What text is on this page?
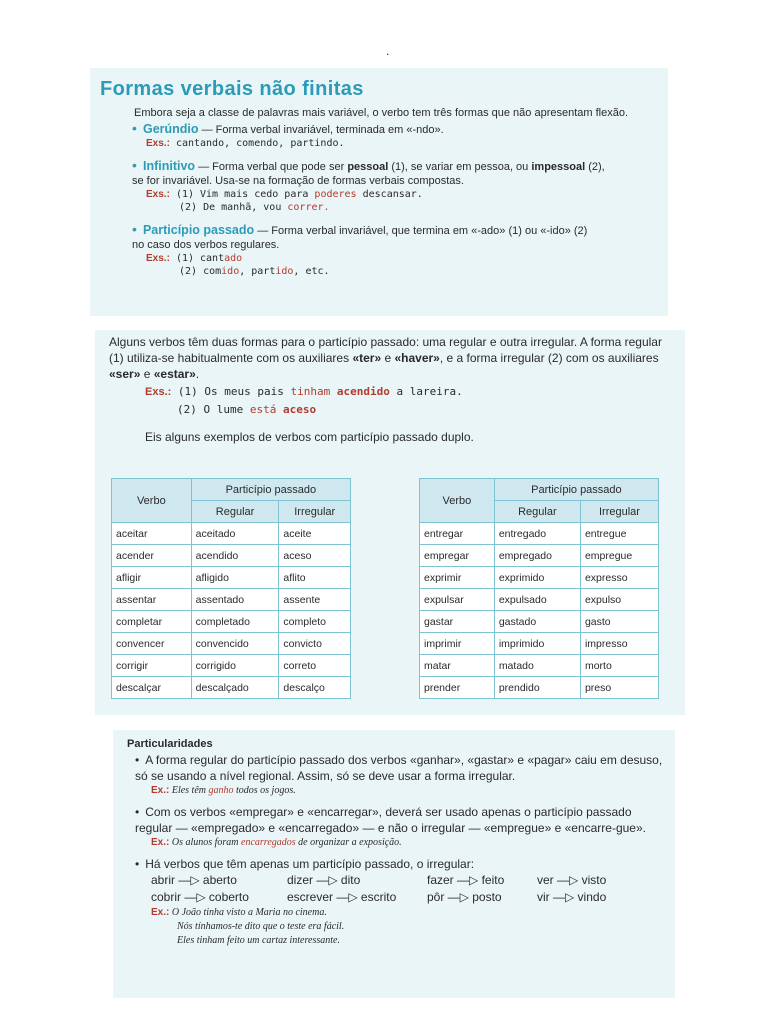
.
Formas verbais não finitas
Embora seja a classe de palavras mais variável, o verbo tem três formas que não apresentam flexão.
• Gerúndio — Forma verbal invariável, terminada em «-ndo».
Exs.: cantando, comendo, partindo.
• Infinitivo — Forma verbal que pode ser pessoal (1), se variar em pessoa, ou impessoal (2),
se for invariável. Usa-se na formação de formas verbais compostas.
Exs.: (1) Vim mais cedo para poderes descansar.
(2) De manhã, vou correr.
• Particípio passado — Forma verbal invariável, que termina em «-ado» (1) ou «-ido» (2)
no caso dos verbos regulares.
Exs.: (1) cantado
(2) comido, partido, etc.

Alguns verbos têm duas formas para o particípio passado: uma regular e outra irregular. A forma regular (1) utiliza-se habitualmente com os auxiliares «ter» e «haver», e a forma irregular (2) com os auxiliares «ser» e «estar».

Exs.: (1) Os meus pais tinham acendido a lareira.
(2) O lume está aceso
Eis alguns exemplos de verbos com particípio passado duplo.
Verbo	Particípio passado	
	Regular	Irregular
aceitar	aceitado	aceite
acender	acendido	aceso
afligir	afligido	aflito
assentar	assentado	assente
completar	completado	completo
convencer	convencido	convicto
corrigir	corrigido	correto
descalçar	descalçado	descalço
Verbo	Particípio passado	
	Regular	Irregular
entregar	entregado	entregue
empregar	empregado	empregue
exprimir	exprimido	expresso
expulsar	expulsado	expulso
gastar	gastado	gasto
imprimir	imprimido	impresso
matar	matado	morto
prender	prendido	preso
Particularidades
• A forma regular do particípio passado dos verbos «ganhar», «gastar» e «pagar» caiu em desuso, só se usando a nível regional. Assim, só se deve usar a forma irregular.
Ex.: Eles têm ganho todos os jogos.
• Com os verbos «empregar» e «encarregar», deverá ser usado apenas o particípio passado regular — «empregado» e «encarregado» — e não o irregular — «empregue» e «encarre-gue».
Ex.: Os alunos foram encarregados de organizar a exposição.
• Há verbos que têm apenas um particípio passado, o irregular:
abrir —▷ aberto	dizer —▷ dito	fazer —▷ feito	ver —▷ visto
cobrir —▷ coberto	escrever —▷ escrito	pôr —▷ posto	vir —▷ vindo
Ex.: O João tinha visto a Maria no cinema.
Nós tínhamos-te dito que o teste era fácil.
Eles tinham feito um cartaz interessante.
